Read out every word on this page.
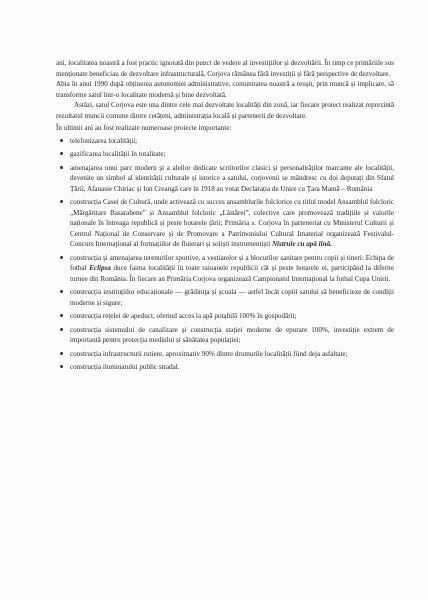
ani, localitatea noastră a fost practic ignorată din punct de vedere al investițiilor și dezvoltării. În timp ce primăriile sus menționate beneficiau de dezvoltare infrastructurală, Corjova rămânea fără investiții și fără perspective de dezvoltare.

Abia în anul 1990 după obținerea autonomiei administrative, comunitatea noastră a reușit, prin muncă și implicare, să transforme satul într-o localitate modernă și bine dezvoltată.

Astăzi, satul Corjova este una dintre cele mai dezvoltate localități din zonă, iar fiecare proiect realizat reprezintă rezultatul muncii comune dintre cetățeni, administrația locală și partenerii de dezvoltare.

În ultimii ani au fost realizate numeroase proiecte importante:

telefonizarea localității;
gazificarea localității în totalitate;
amenajarea unui parc modern și a aleilor dedicate scriitorilor clasici și personalităților marcante ale localității, devenite un simbol al identității culturale și istorice a satului, corjovenii se mândresc cu doi deputați din Sfatul Țării, Afanasie Chiriac și Ion Creangă care în 1918 au votat Declarația de Unire cu Țara Mamă – România
construcția Casei de Cultură, unde activează cu succes ansamblurile folclorice cu titlul model Ansamblul folcloric „Mărgăritare Basarabene” și Ansamblul folcloric „Lăstărei”, colective care promovează tradițiile și valorile naționale în întreaga republică și peste hotarele țării; Primăria s. Corjova în parteneriat cu Ministerul Culturii și Centrul Național de Conservare și de Promovare a Patrimoniului Cultural Imaterial organizează Festivalul-Concurs Internațional al formațiilor de fluierari și soliști instrumentiști Nistrule cu apă lină.
construcția și amenajarea terenurilor sportive, a vestiarelor și a blocurilor sanitare pentru copii și tineri: Echipa de fotbal Eclipsa duce faima localității în toate raioanele republicii cât și peste hotarele ei, participând la diferite turnee din România. În fiecare an Primăria Corjova organizează Campionatul Internațional la fotbal Cupa Unirii.
construcția instituțiilor educaționale — grădinița și școala — astfel încât copiii satului să beneficieze de condiții moderne și sigure;
construcția rețelei de apeduct, oferind acces la apă potabilă 100% în gospodării;
construcția sistemului de canalizare și construcția stației moderne de epurare 100%, investiție extrem de importantă pentru protecția mediului și sănătatea populației;
construcția infrastructurii rutiere, aproximativ 90% dintre drumurile localității fiind deja asfaltate;
construcția iluminatului public stradal.
